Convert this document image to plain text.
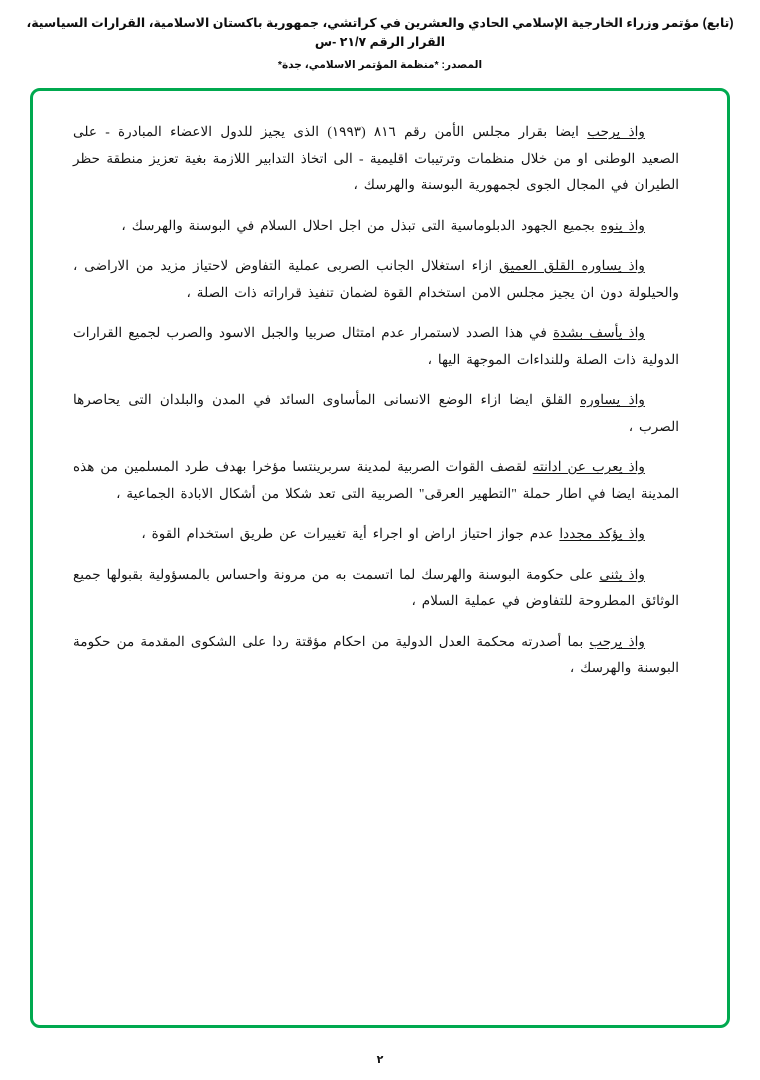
(تابع) مؤتمر وزراء الخارجية الإسلامي الحادي والعشرين في كراتشي، جمهورية باكستان الاسلامية، القرارات السياسية، القرار الرقم ٢١/٧ -س
المصدر: *منظمة المؤتمر الاسلامي، جدة*

واذ يرحب ايضا بقرار مجلس الأمن رقم ٨١٦ (١٩٩٣) الذى يجيز للدول الاعضاء المبادرة - على الصعيد الوطنى او من خلال منظمات وترتيبات اقليمية - الى اتخاذ التدابير اللازمة بغية تعزيز منطقة حظر الطيران في المجال الجوى لجمهورية البوسنة والهرسك ،

واذ ينوه بجميع الجهود الدبلوماسية التى تبذل من اجل احلال السلام في البوسنة والهرسك ،

واذ يساوره القلق العميق ازاء استغلال الجانب الصربى عملية التفاوض لاحتياز مزيد من الاراضى ، والحيلولة دون ان يجيز مجلس الامن استخدام القوة لضمان تنفيذ قراراته ذات الصلة ،

واذ يأسف بشدة في هذا الصدد لاستمرار عدم امتثال صربيا والجبل الاسود والصرب لجميع القرارات الدولية ذات الصلة وللنداءات الموجهة اليها ،

واذ يساوره القلق ايضا ازاء الوضع الانسانى المأساوى السائد في المدن والبلدان التى يحاصرها الصرب ،

واذ يعرب عن ادانته لقصف القوات الصربية لمدينة سربرينتسا مؤخرا بهدف طرد المسلمين من هذه المدينة ايضا في اطار حملة "التطهير العرقى" الصربية التى تعد شكلا من أشكال الابادة الجماعية ،

واذ يؤكد مجددا عدم جواز احتياز اراض او اجراء أية تغييرات عن طريق استخدام القوة ،

واذ يثنى على حكومة البوسنة والهرسك لما اتسمت به من مرونة واحساس بالمسؤولية بقبولها جميع الوثائق المطروحة للتفاوض في عملية السلام ،

واذ يرحب بما أصدرته محكمة العدل الدولية من احكام مؤقتة ردا على الشكوى المقدمة من حكومة البوسنة والهرسك ،

٢
